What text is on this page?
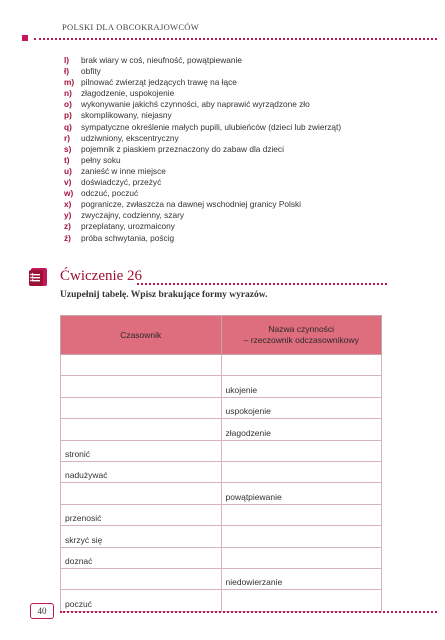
POLSKI DLA OBCOKRAJOWCÓW
l)	brak wiary w coś, nieufność, powątpiewanie
ł)	obfity
m) pilnować zwierząt jedzących trawę na łące
n)	złagodzenie, uspokojenie
o)	wykonywanie jakichś czynności, aby naprawić wyrządzone zło
p)	skomplikowany, niejasny
q)	sympatyczne określenie małych pupili, ulubieńców (dzieci lub zwierząt)
r)	udziwniony, ekscentryczny
s)	pojemnik z piaskiem przeznaczony do zabaw dla dzieci
t)	pełny soku
u)	zanieść w inne miejsce
v)	doświadczyć, przeżyć
w) odczuć, poczuć
x)	pogranicze, zwłaszcza na dawnej wschodniej granicy Polski
y)	zwyczajny, codzienny, szary
z)	przeplatany, urozmaicony
ź)	próba schwytania, pościg
Ćwiczenie 26
Uzupełnij tabelę. Wpisz brakujące formy wyrazów.
Czasownik	Nazwa czynności
– rzeczownik odczasownikowy

	ukojenie
	uspokojenie
	złagodzenie
stronić	
nadużywać	
	powątpiewanie
przenosić	
skrzyć się	
doznać	
	niedowierzanie
poczuć	
40
